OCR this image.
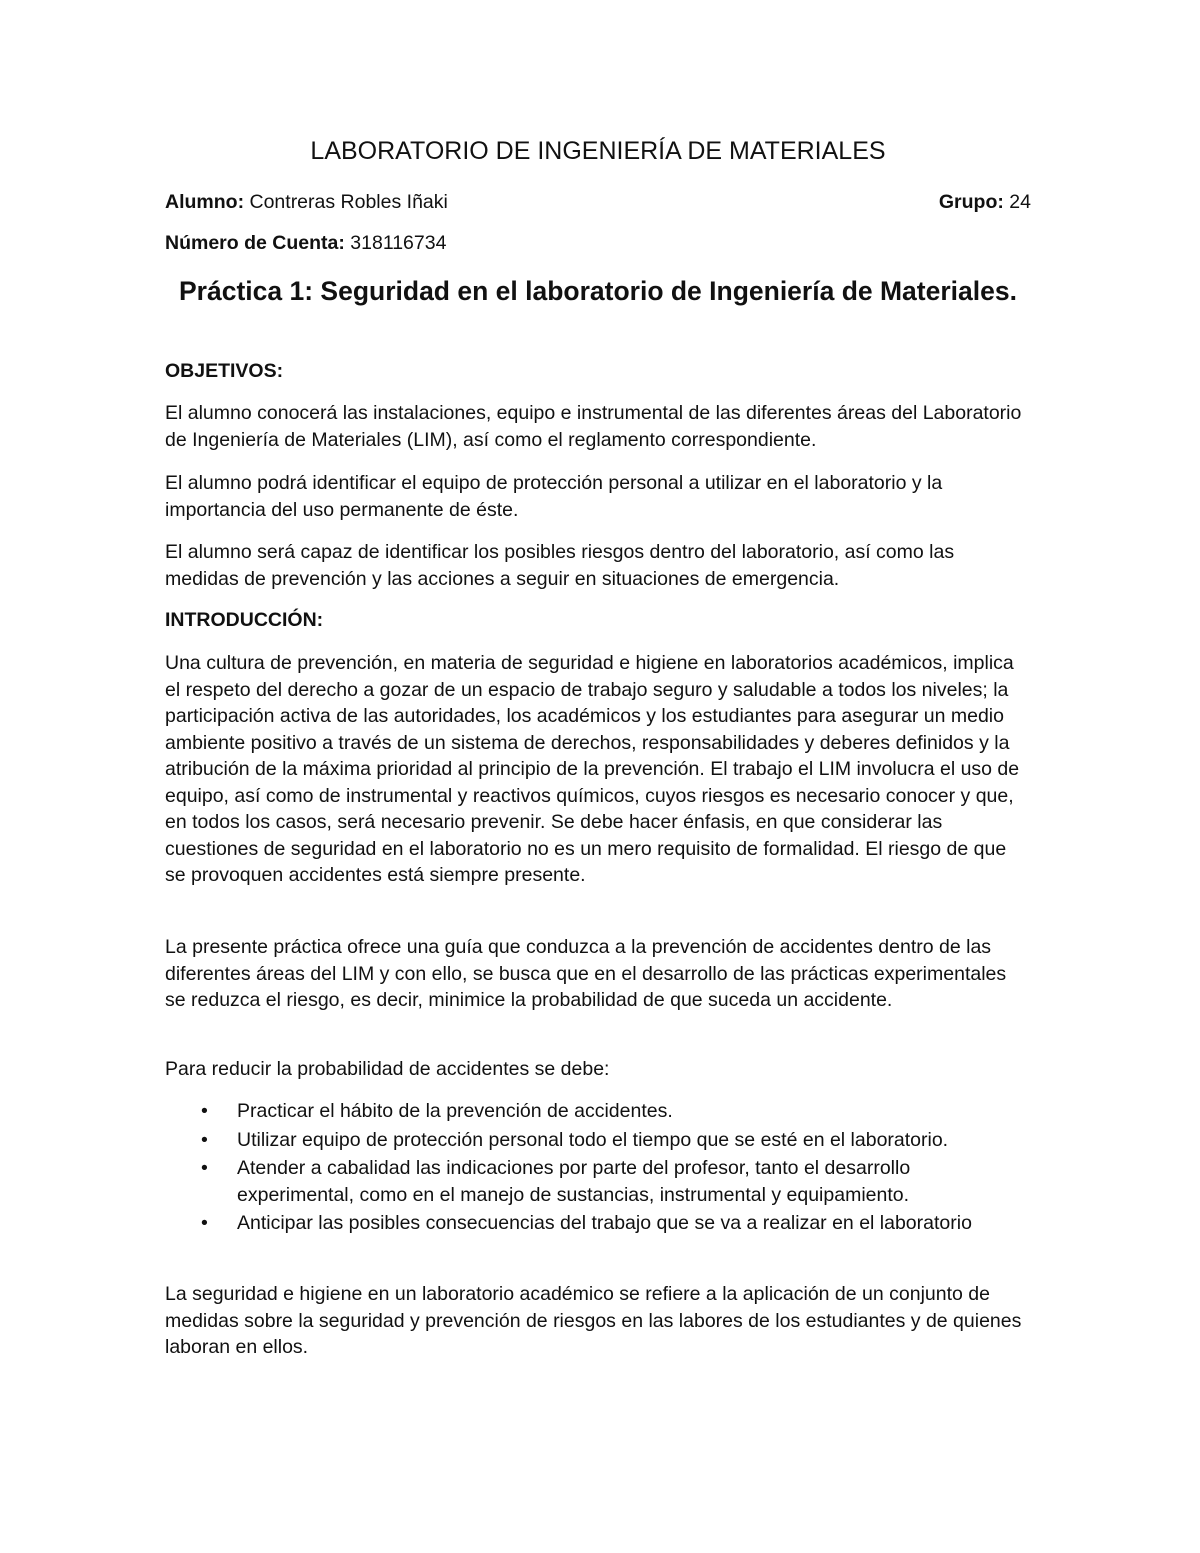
LABORATORIO DE INGENIERÍA DE MATERIALES
Alumno: Contreras Robles Iñaki	Grupo: 24
Número de Cuenta: 318116734
Práctica 1: Seguridad en el laboratorio de Ingeniería de Materiales.
OBJETIVOS:

El alumno conocerá las instalaciones, equipo e instrumental de las diferentes áreas del Laboratorio de Ingeniería de Materiales (LIM), así como el reglamento correspondiente.

El alumno podrá identificar el equipo de protección personal a utilizar en el laboratorio y la importancia del uso permanente de éste.

El alumno será capaz de identificar los posibles riesgos dentro del laboratorio, así como las medidas de prevención y las acciones a seguir en situaciones de emergencia.

INTRODUCCIÓN:

Una cultura de prevención, en materia de seguridad e higiene en laboratorios académicos, implica el respeto del derecho a gozar de un espacio de trabajo seguro y saludable a todos los niveles; la participación activa de las autoridades, los académicos y los estudiantes para asegurar un medio ambiente positivo a través de un sistema de derechos, responsabilidades y deberes definidos y la atribución de la máxima prioridad al principio de la prevención. El trabajo el LIM involucra el uso de equipo, así como de instrumental y reactivos químicos, cuyos riesgos es necesario conocer y que, en todos los casos, será necesario prevenir. Se debe hacer énfasis, en que considerar las cuestiones de seguridad en el laboratorio no es un mero requisito de formalidad. El riesgo de que se provoquen accidentes está siempre presente.

La presente práctica ofrece una guía que conduzca a la prevención de accidentes dentro de las diferentes áreas del LIM y con ello, se busca que en el desarrollo de las prácticas experimentales se reduzca el riesgo, es decir, minimice la probabilidad de que suceda un accidente.

Para reducir la probabilidad de accidentes se debe:

• Practicar el hábito de la prevención de accidentes.
• Utilizar equipo de protección personal todo el tiempo que se esté en el laboratorio.
• Atender a cabalidad las indicaciones por parte del profesor, tanto el desarrollo experimental, como en el manejo de sustancias, instrumental y equipamiento.
• Anticipar las posibles consecuencias del trabajo que se va a realizar en el laboratorio

La seguridad e higiene en un laboratorio académico se refiere a la aplicación de un conjunto de medidas sobre la seguridad y prevención de riesgos en las labores de los estudiantes y de quienes laboran en ellos.
